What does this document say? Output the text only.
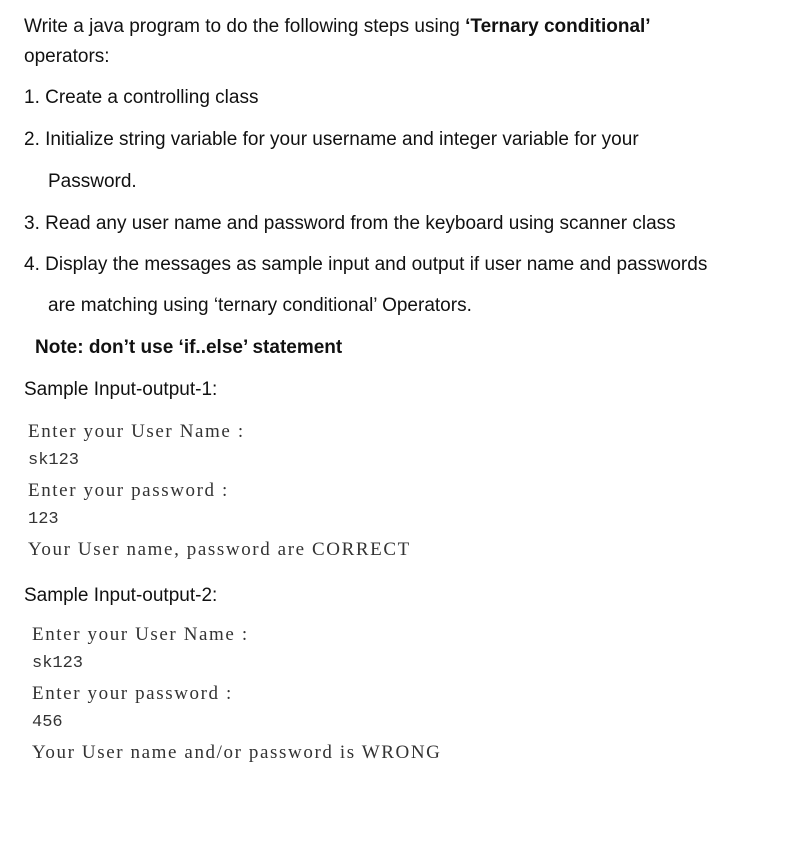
Write a java program to do the following steps using ‘Ternary conditional’
operators:
1. Create a controlling class
2. Initialize string variable for your username and integer variable for your
Password.
3. Read any user name and password from the keyboard using scanner class
4. Display the messages as sample input and output if user name and passwords
are matching using ‘ternary conditional’ Operators.
Note: don’t use ‘if..else’ statement
Sample Input-output-1:
Enter your User Name :
sk123
Enter your password :
123
Your User name, password are CORRECT
Sample Input-output-2:
Enter your User Name :
sk123
Enter your password :
456
Your User name and/or password is WRONG
